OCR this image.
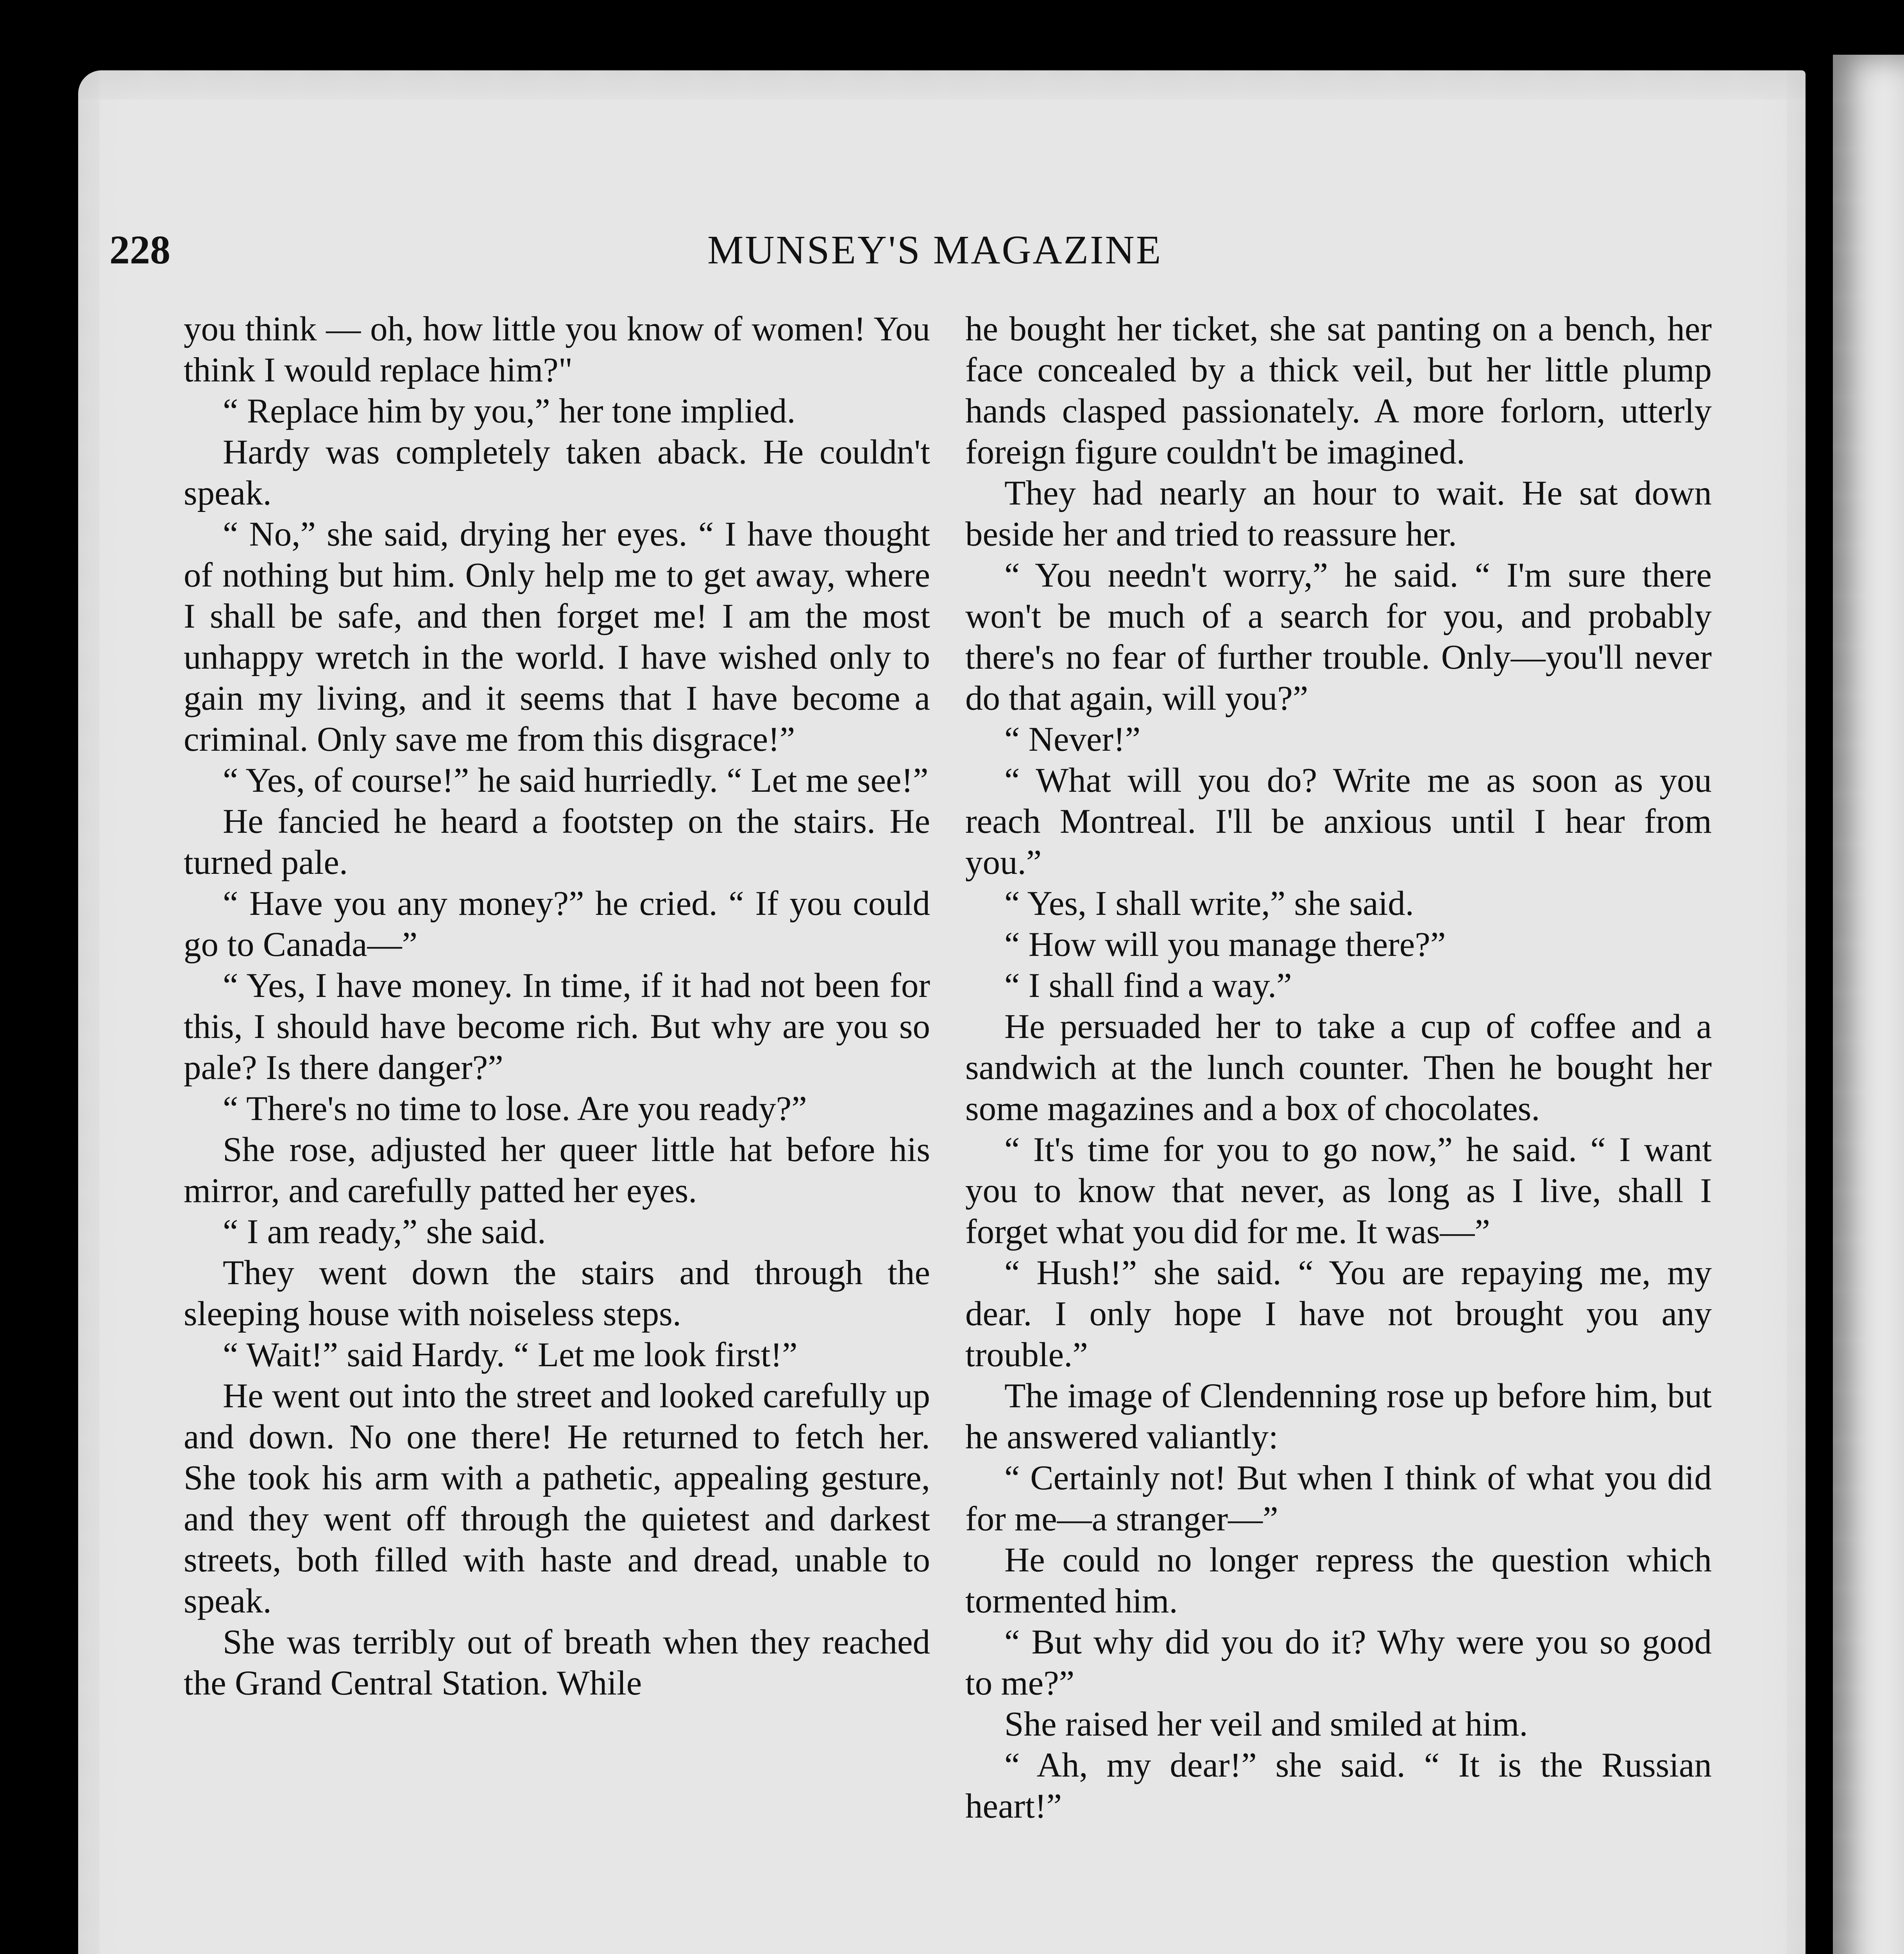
228	MUNSEY'S MAGAZINE

you think — oh, how little you know of women! You think I would replace him?"

“ Replace him by you,” her tone implied.

Hardy was completely taken aback. He couldn't speak.

“ No,” she said, drying her eyes. “ I have thought of nothing but him. Only help me to get away, where I shall be safe, and then forget me! I am the most unhappy wretch in the world. I have wished only to gain my living, and it seems that I have become a criminal. Only save me from this disgrace!”

“ Yes, of course!” he said hurriedly. “ Let me see!”

He fancied he heard a footstep on the stairs. He turned pale.

“ Have you any money?” he cried. “ If you could go to Canada—”

“ Yes, I have money. In time, if it had not been for this, I should have become rich. But why are you so pale? Is there danger?”

“ There's no time to lose. Are you ready?”

She rose, adjusted her queer little hat before his mirror, and carefully patted her eyes.

“ I am ready,” she said.

They went down the stairs and through the sleeping house with noiseless steps.

“ Wait!” said Hardy. “ Let me look first!”

He went out into the street and looked carefully up and down. No one there! He returned to fetch her. She took his arm with a pathetic, appealing gesture, and they went off through the quietest and darkest streets, both filled with haste and dread, unable to speak.

She was terribly out of breath when they reached the Grand Central Station. While

he bought her ticket, she sat panting on a bench, her face concealed by a thick veil, but her little plump hands clasped passionately. A more forlorn, utterly foreign figure couldn't be imagined.

They had nearly an hour to wait. He sat down beside her and tried to reassure her.

“ You needn't worry,” he said. “ I'm sure there won't be much of a search for you, and probably there's no fear of further trouble. Only—you'll never do that again, will you?”

“ Never!”

“ What will you do? Write me as soon as you reach Montreal. I'll be anxious until I hear from you.”

“ Yes, I shall write,” she said.

“ How will you manage there?”

“ I shall find a way.”

He persuaded her to take a cup of coffee and a sandwich at the lunch counter. Then he bought her some magazines and a box of chocolates.

“ It's time for you to go now,” he said. “ I want you to know that never, as long as I live, shall I forget what you did for me. It was—”

“ Hush!” she said. “ You are repaying me, my dear. I only hope I have not brought you any trouble.”

The image of Clendenning rose up before him, but he answered valiantly:

“ Certainly not! But when I think of what you did for me—a stranger—”

He could no longer repress the question which tormented him.

“ But why did you do it? Why were you so good to me?”

She raised her veil and smiled at him.

“ Ah, my dear!” she said. “ It is the Russian heart!”
